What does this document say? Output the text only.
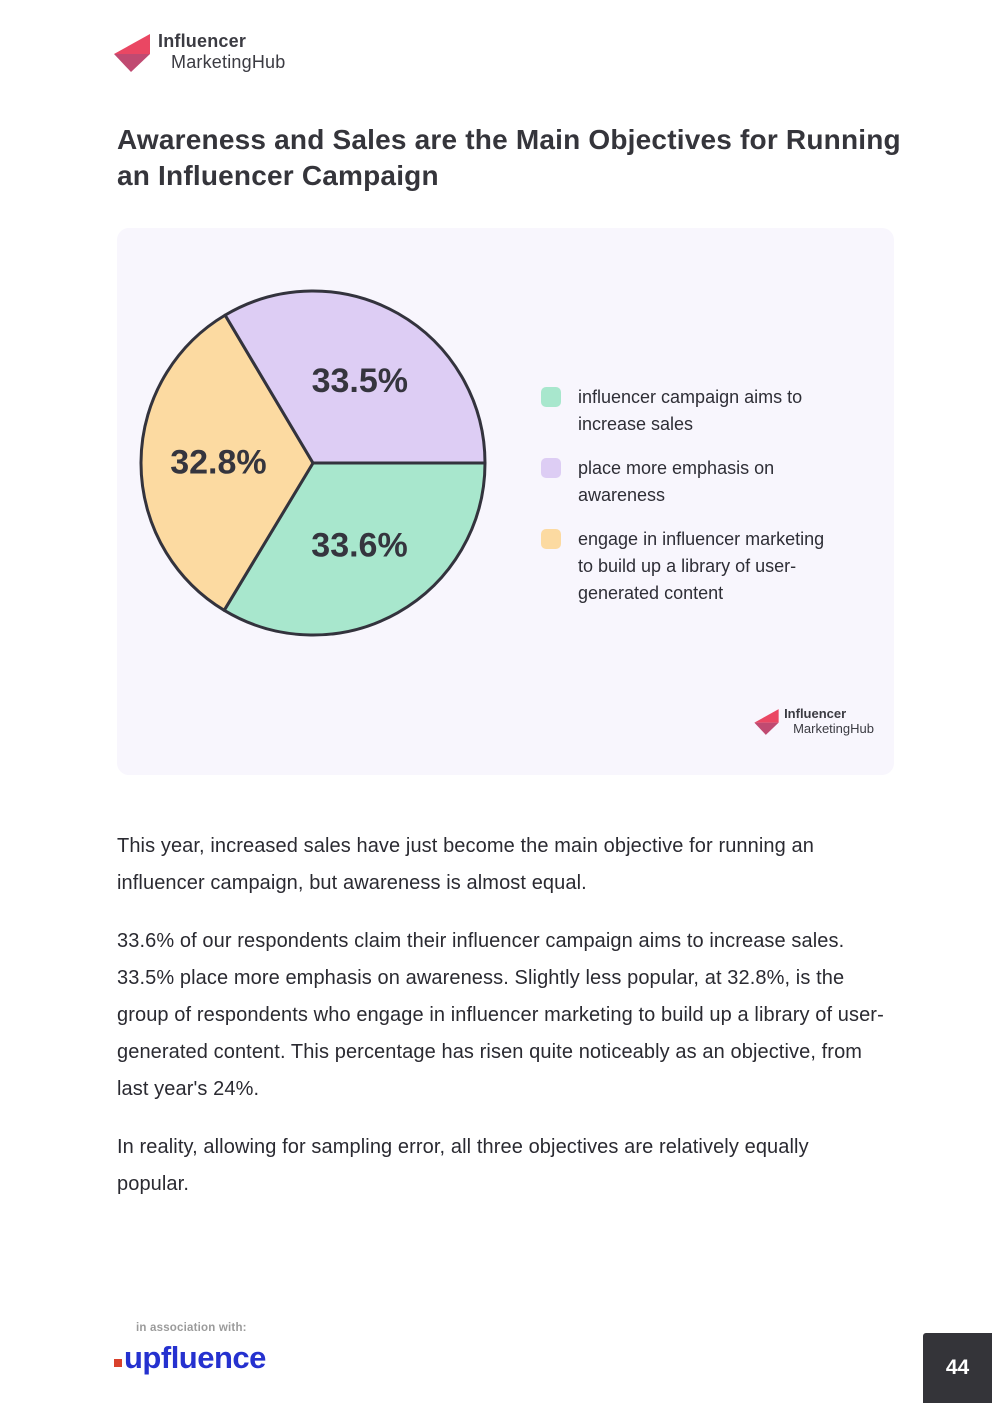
Influencer
MarketingHub
Awareness and Sales are the Main Objectives for Running an Influencer Campaign
33.6%
32.8%
33.5%	influencer campaign aims to increase sales
place more emphasis on awareness
engage in influencer marketing to build up a library of user-generated content
Influencer
MarketingHub

This year, increased sales have just become the main objective for running an influencer campaign, but awareness is almost equal.

33.6% of our respondents claim their influencer campaign aims to increase sales. 33.5% place more emphasis on awareness. Slightly less popular, at 32.8%, is the group of respondents who engage in influencer marketing to build up a library of user-generated content. This percentage has risen quite noticeably as an objective, from last year's 24%.

In reality, allowing for sampling error, all three objectives are relatively equally popular.

in association with:
upfluence	44
